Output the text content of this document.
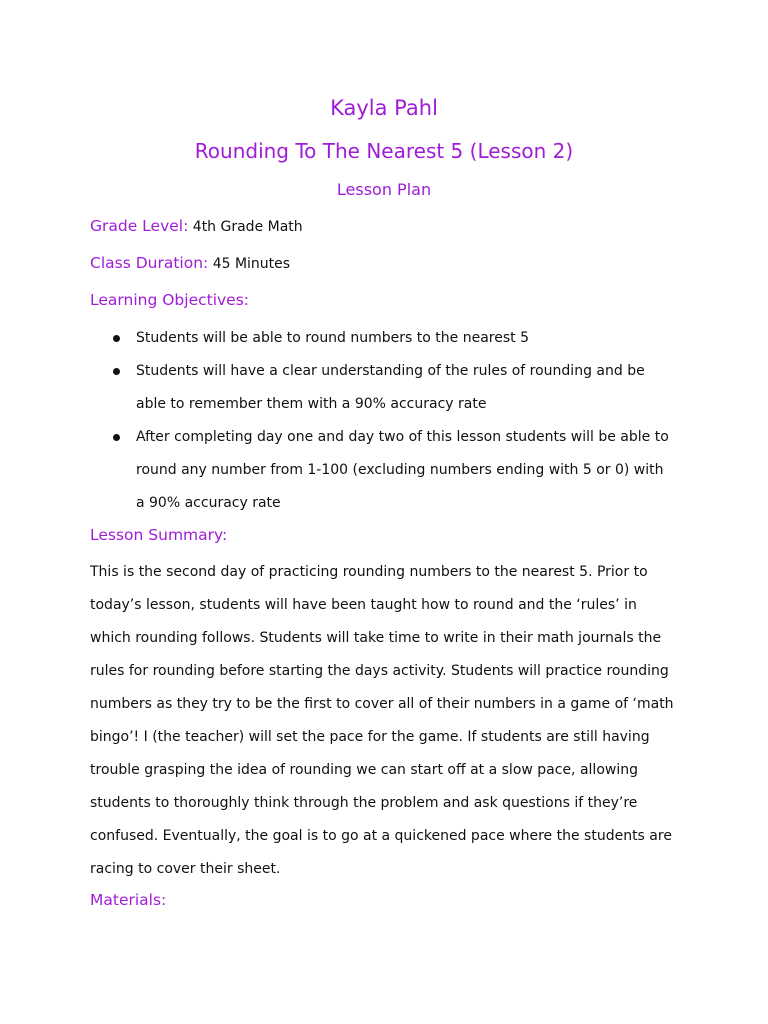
Kayla Pahl
Rounding To The Nearest 5 (Lesson 2)
Lesson Plan
Grade Level: 4th Grade Math
Class Duration: 45 Minutes
Learning Objectives:
Students will be able to round numbers to the nearest 5
Students will have a clear understanding of the rules of rounding and be able to remember them with a 90% accuracy rate
After completing day one and day two of this lesson students will be able to round any number from 1-100 (excluding numbers ending with 5 or 0) with a 90% accuracy rate
Lesson Summary:

This is the second day of practicing rounding numbers to the nearest 5. Prior to today’s lesson, students will have been taught how to round and the ‘rules’ in which rounding follows. Students will take time to write in their math journals the rules for rounding before starting the days activity. Students will practice rounding numbers as they try to be the first to cover all of their numbers in a game of ‘math bingo’! I (the teacher) will set the pace for the game. If students are still having trouble grasping the idea of rounding we can start off at a slow pace, allowing students to thoroughly think through the problem and ask questions if they’re confused. Eventually, the goal is to go at a quickened pace where the students are racing to cover their sheet.

Materials:
